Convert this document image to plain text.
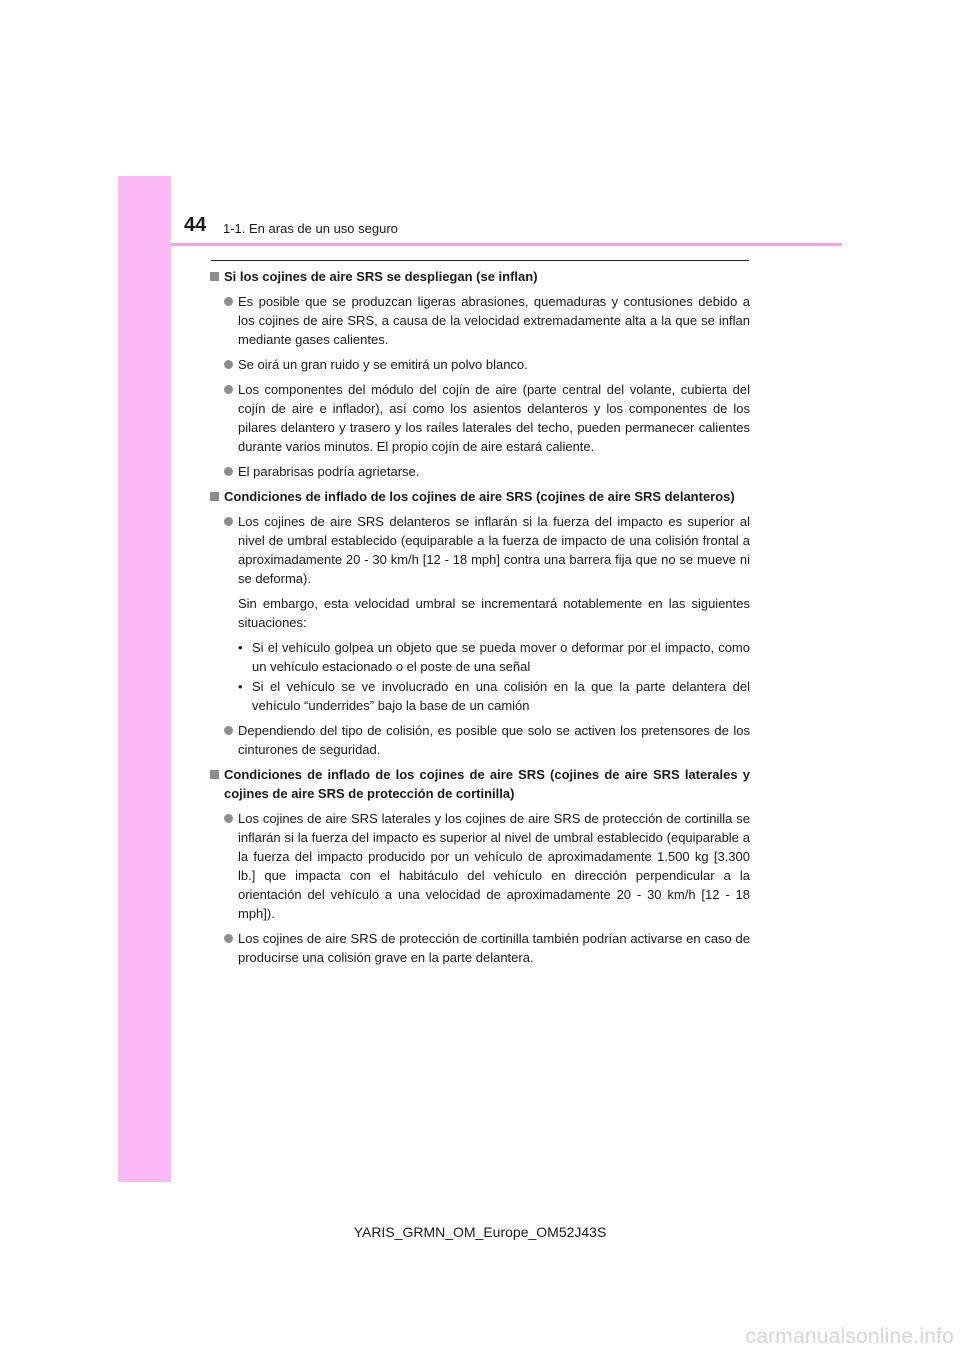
44 1-1. En aras de un uso seguro
Si los cojines de aire SRS se despliegan (se inflan)
Es posible que se produzcan ligeras abrasiones, quemaduras y contusiones debido a los cojines de aire SRS, a causa de la velocidad extremadamente alta a la que se inflan mediante gases calientes.
Se oirá un gran ruido y se emitirá un polvo blanco.
Los componentes del módulo del cojín de aire (parte central del volante, cubierta del cojín de aire e inflador), así como los asientos delanteros y los componentes de los pilares delantero y trasero y los raíles laterales del techo, pueden permanecer calientes durante varios minutos. El propio cojín de aire estará caliente.
El parabrisas podría agrietarse.
Condiciones de inflado de los cojines de aire SRS (cojines de aire SRS delanteros)
Los cojines de aire SRS delanteros se inflarán si la fuerza del impacto es superior al nivel de umbral establecido (equiparable a la fuerza de impacto de una colisión frontal a aproximadamente 20 - 30 km/h [12 - 18 mph] contra una barrera fija que no se mueve ni se deforma).
Sin embargo, esta velocidad umbral se incrementará notablemente en las siguientes situaciones:
• Si el vehículo golpea un objeto que se pueda mover o deformar por el impacto, como un vehículo estacionado o el poste de una señal
• Si el vehículo se ve involucrado en una colisión en la que la parte delantera del vehículo “underrides” bajo la base de un camión
Dependiendo del tipo de colisión, es posible que solo se activen los pretensores de los cinturones de seguridad.
Condiciones de inflado de los cojines de aire SRS (cojines de aire SRS laterales y cojines de aire SRS de protección de cortinilla)
Los cojines de aire SRS laterales y los cojines de aire SRS de protección de cortinilla se inflarán si la fuerza del impacto es superior al nivel de umbral establecido (equiparable a la fuerza del impacto producido por un vehículo de aproximadamente 1.500 kg [3.300 lb.] que impacta con el habitáculo del vehículo en dirección perpendicular a la orientación del vehículo a una velocidad de aproximadamente 20 - 30 km/h [12 - 18 mph]).
Los cojines de aire SRS de protección de cortinilla también podrían activarse en caso de producirse una colisión grave en la parte delantera.
YARIS_GRMN_OM_Europe_OM52J43S
carmanualsonline.info
